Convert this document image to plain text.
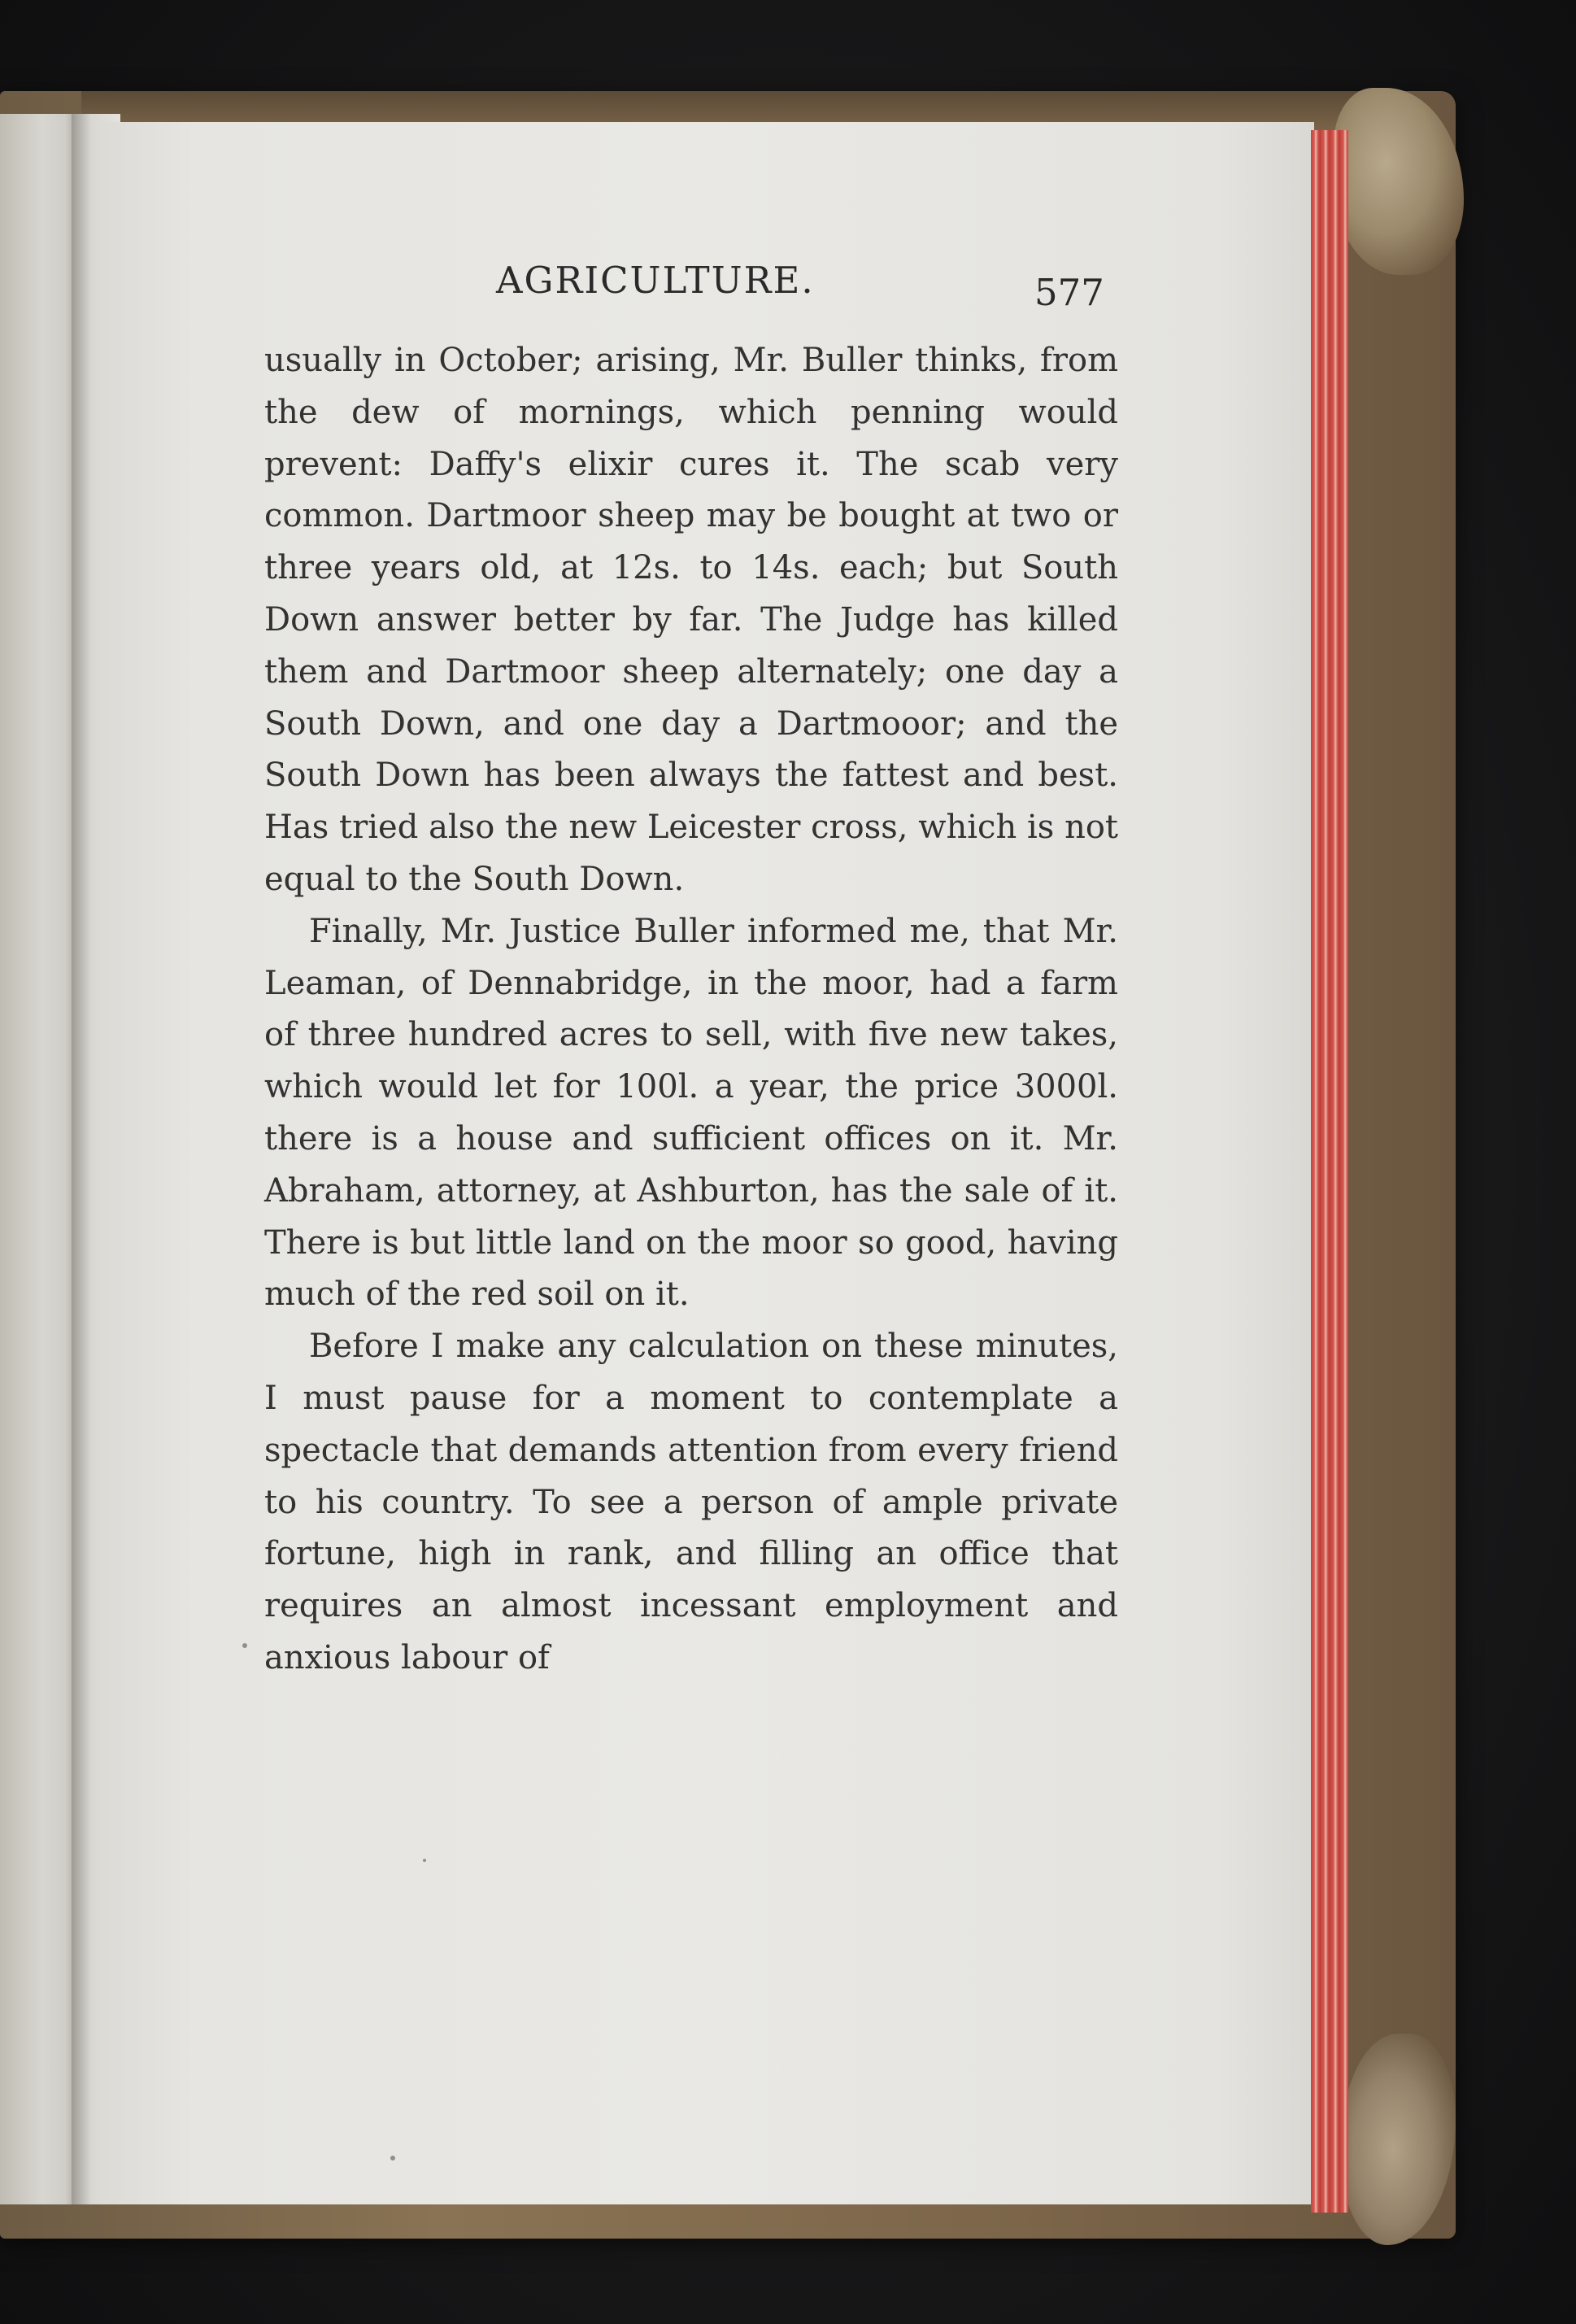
AGRICULTURE.	577

usually in October; arising, Mr. Buller thinks, from the dew of mornings, which penning would prevent: Daffy's elixir cures it. The scab very common. Dartmoor sheep may be bought at two or three years old, at 12s. to 14s. each; but South Down answer better by far. The Judge has killed them and Dartmoor sheep alternately; one day a South Down, and one day a Dartmooor; and the South Down has been always the fattest and best. Has tried also the new Leicester cross, which is not equal to the South Down.

Finally, Mr. Justice Buller informed me, that Mr. Leaman, of Dennabridge, in the moor, had a farm of three hundred acres to sell, with five new takes, which would let for 100l. a year, the price 3000l. there is a house and sufficient offices on it. Mr. Abraham, attorney, at Ashburton, has the sale of it. There is but little land on the moor so good, having much of the red soil on it.

Before I make any calculation on these minutes, I must pause for a moment to contemplate a spectacle that demands attention from every friend to his country. To see a person of ample private fortune, high in rank, and filling an office that requires an almost incessant employment and anxious labour of
